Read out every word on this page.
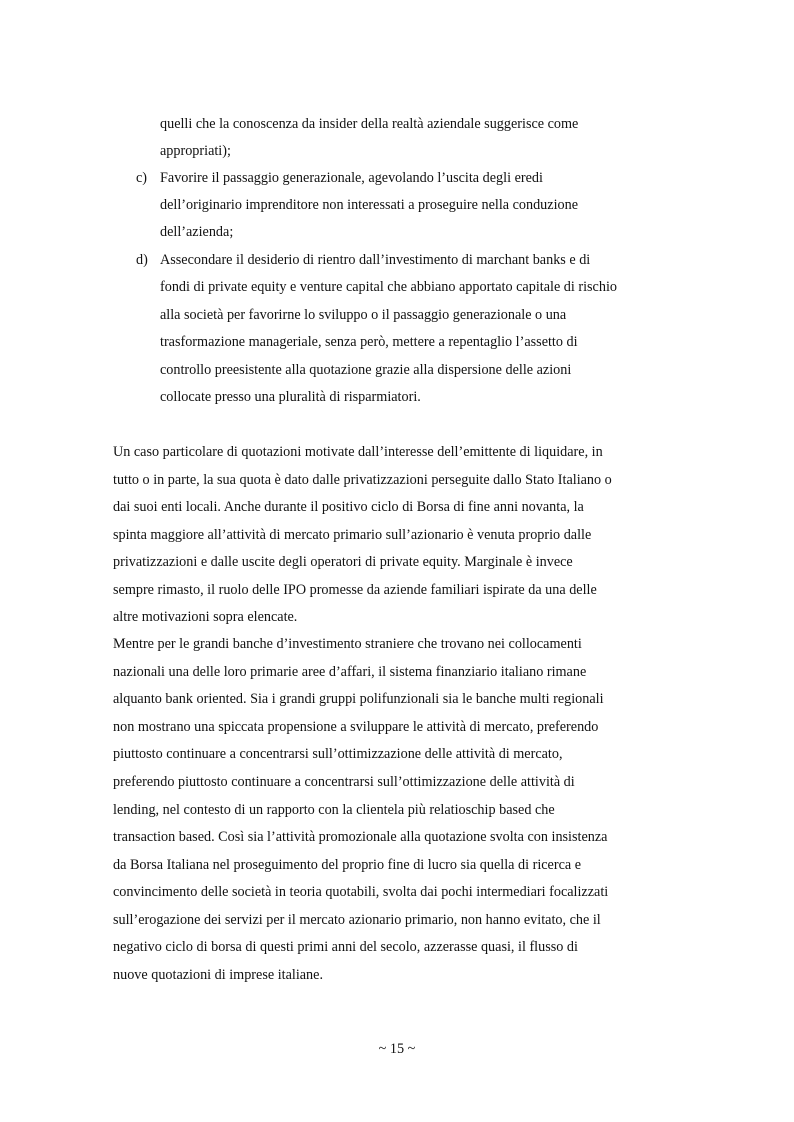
quelli che la conoscenza da insider della realtà aziendale suggerisce come
appropriati);
c) Favorire il passaggio generazionale, agevolando l’uscita degli eredi
dell’originario imprenditore non interessati a proseguire nella conduzione
dell’azienda;
d) Assecondare il desiderio di rientro dall’investimento di marchant banks e di
fondi di private equity e venture capital che abbiano apportato capitale di rischio
alla società per favorirne lo sviluppo o il passaggio generazionale o una
trasformazione manageriale, senza però, mettere a repentaglio l’assetto di
controllo preesistente alla quotazione grazie alla dispersione delle azioni
collocate presso una pluralità di risparmiatori.
Un caso particolare di quotazioni motivate dall’interesse dell’emittente di liquidare, in
tutto o in parte, la sua quota è dato dalle privatizzazioni perseguite dallo Stato Italiano o
dai suoi enti locali. Anche durante il positivo ciclo di Borsa di fine anni novanta, la
spinta maggiore all’attività di mercato primario sull’azionario è venuta proprio dalle
privatizzazioni e dalle uscite degli operatori di private equity. Marginale è invece
sempre rimasto, il ruolo delle IPO promesse da aziende familiari ispirate da una delle
altre motivazioni sopra elencate.
Mentre per le grandi banche d’investimento straniere che trovano nei collocamenti
nazionali una delle loro primarie aree d’affari, il sistema finanziario italiano rimane
alquanto bank oriented. Sia i grandi gruppi polifunzionali sia le banche multi regionali
non mostrano una spiccata propensione a sviluppare le attività di mercato, preferendo
piuttosto continuare a concentrarsi sull’ottimizzazione delle attività di mercato,
preferendo piuttosto continuare a concentrarsi sull’ottimizzazione delle attività di
lending, nel contesto di un rapporto con la clientela più relatioschip based che
transaction based. Così sia l’attività promozionale alla quotazione svolta con insistenza
da Borsa Italiana nel proseguimento del proprio fine di lucro sia quella di ricerca e
convincimento delle società in teoria quotabili, svolta dai pochi intermediari focalizzati
sull’erogazione dei servizi per il mercato azionario primario, non hanno evitato, che il
negativo ciclo di borsa di questi primi anni del secolo, azzerasse quasi, il flusso di
nuove quotazioni di imprese italiane.
~ 15 ~
